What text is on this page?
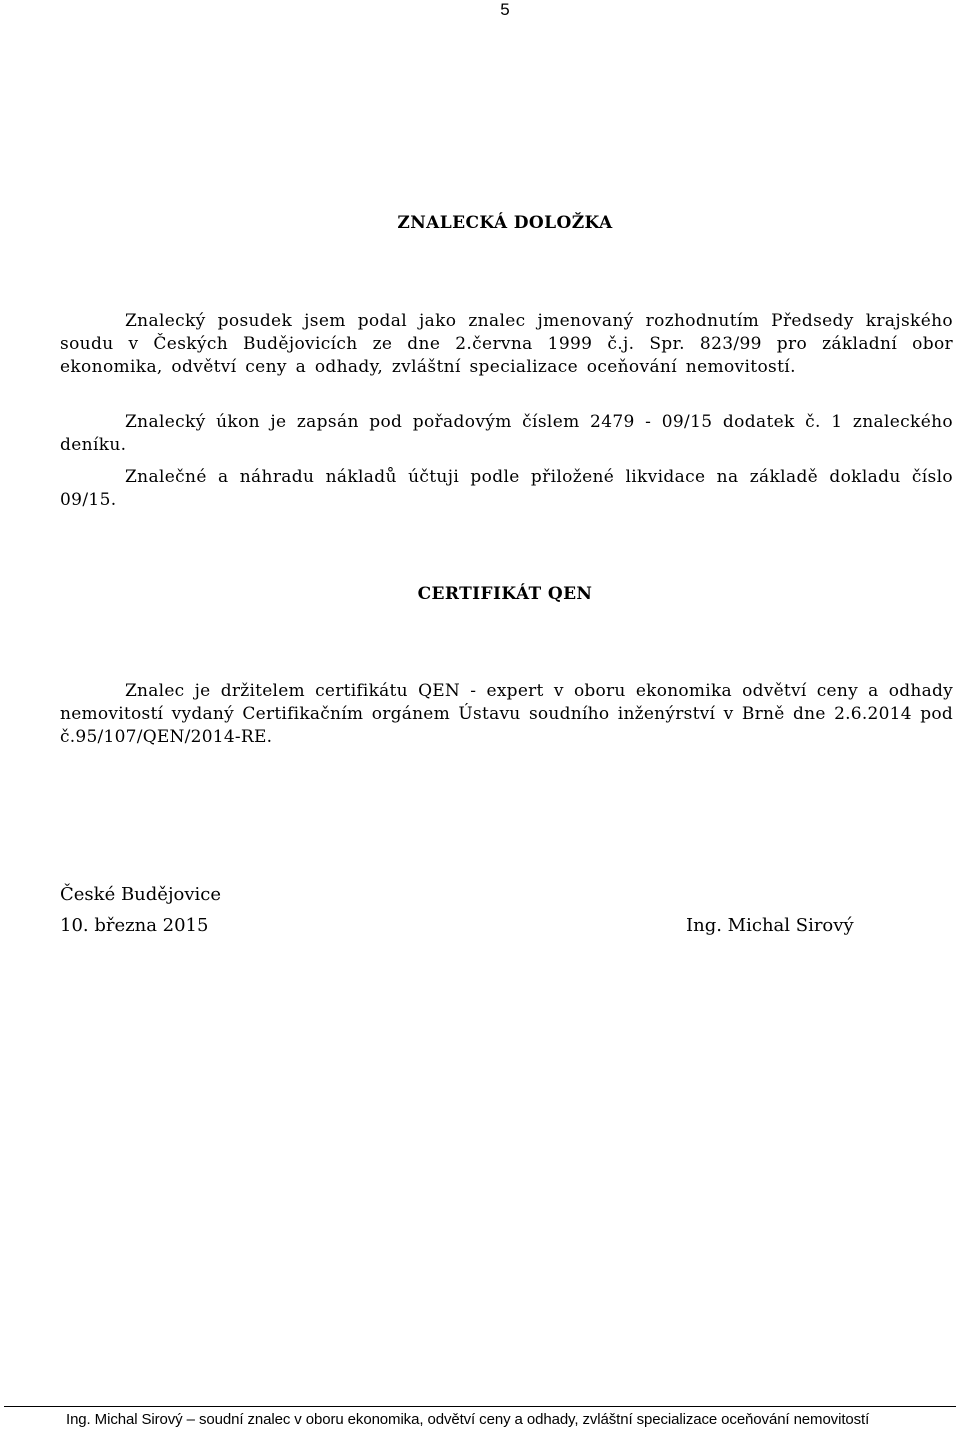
5
ZNALECKÁ DOLOŽKA

Znalecký posudek jsem podal jako znalec jmenovaný rozhodnutím Předsedy krajského soudu v Českých Budějovicích ze dne 2.června 1999 č.j. Spr. 823/99 pro základní obor ekonomika, odvětví ceny a odhady, zvláštní specializace oceňování nemovitostí.

Znalecký úkon je zapsán pod pořadovým číslem 2479 - 09/15 dodatek č. 1 znaleckého deníku.

Znalečné a náhradu nákladů účtuji podle přiložené likvidace na základě dokladu číslo 09/15.

CERTIFIKÁT QEN

Znalec je držitelem certifikátu QEN - expert v oboru ekonomika odvětví ceny a odhady nemovitostí vydaný Certifikačním orgánem Ústavu soudního inženýrství v Brně dne 2.6.2014 pod č.95/107/QEN/2014-RE.

České Budějovice
10. března 2015	Ing. Michal Sirový
Ing. Michal Sirový – soudní znalec v oboru ekonomika, odvětví ceny a odhady, zvláštní specializace oceňování nemovitostí
